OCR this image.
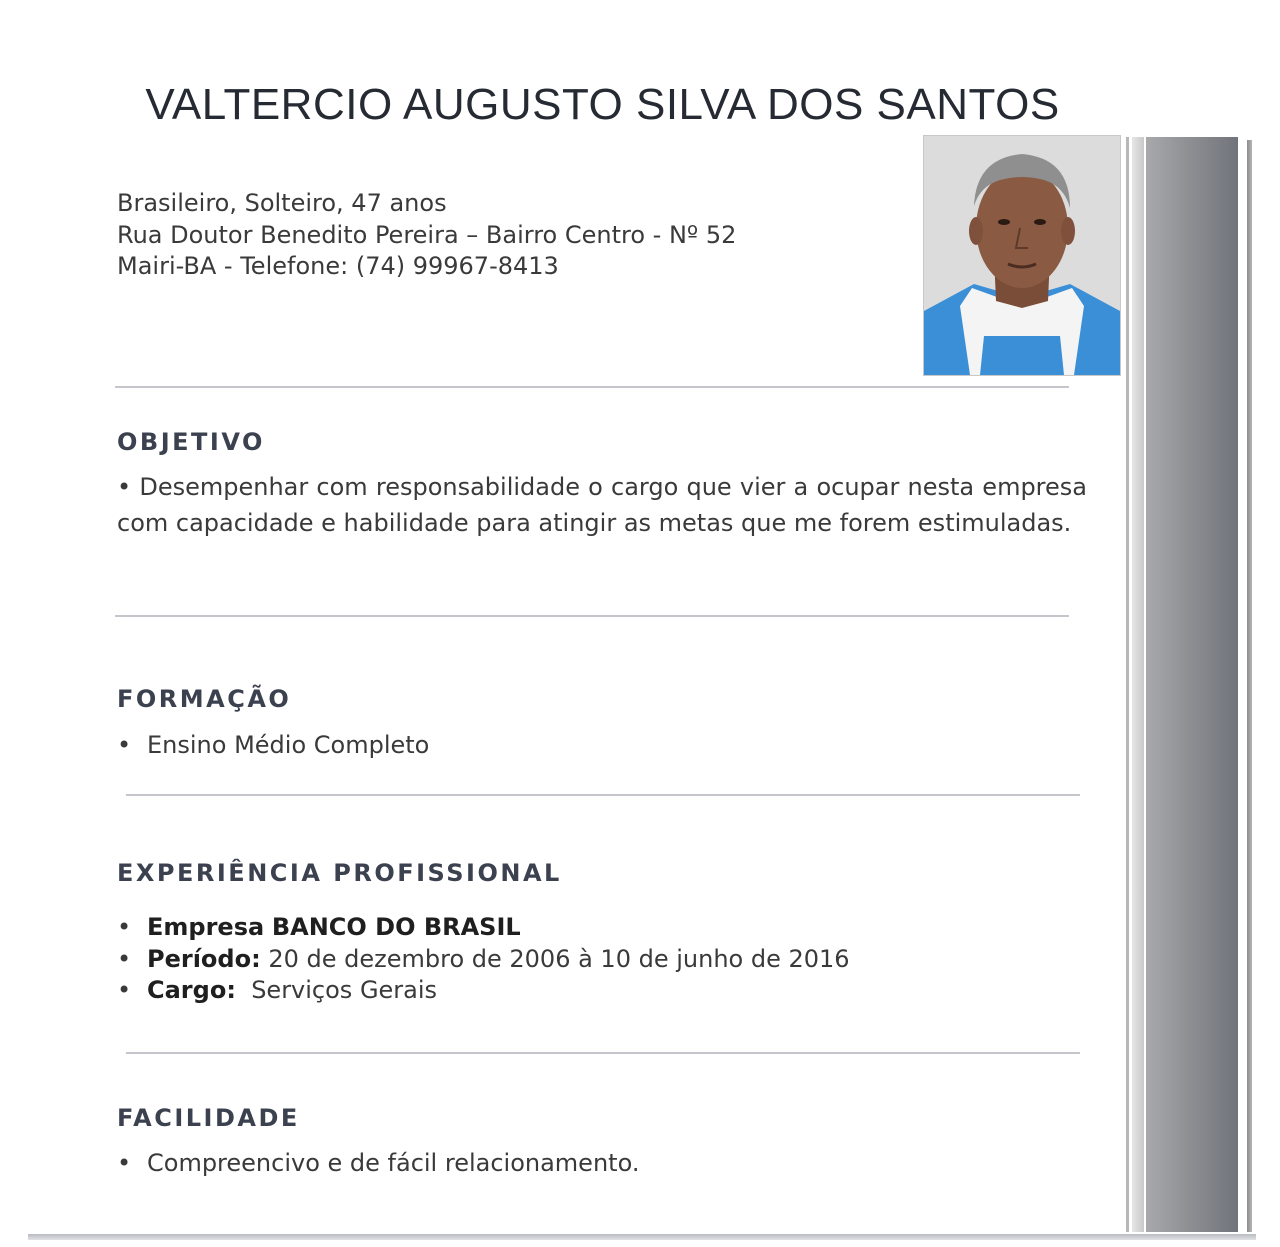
VALTERCIO AUGUSTO SILVA DOS SANTOS
Brasileiro, Solteiro, 47 anos
Rua Doutor Benedito Pereira – Bairro Centro - Nº 52
Mairi-BA - Telefone: (74) 99967-8413
OBJETIVO

• Desempenhar com responsabilidade o cargo que vier a ocupar nesta empresa com capacidade e habilidade para atingir as metas que me forem estimuladas.

FORMAÇÃO
• Ensino Médio Completo
EXPERIÊNCIA PROFISSIONAL
• Empresa BANCO DO BRASIL
• Período: 20 de dezembro de 2006 à 10 de junho de 2016
• Cargo: Serviços Gerais
FACILIDADE
• Compreencivo e de fácil relacionamento.
